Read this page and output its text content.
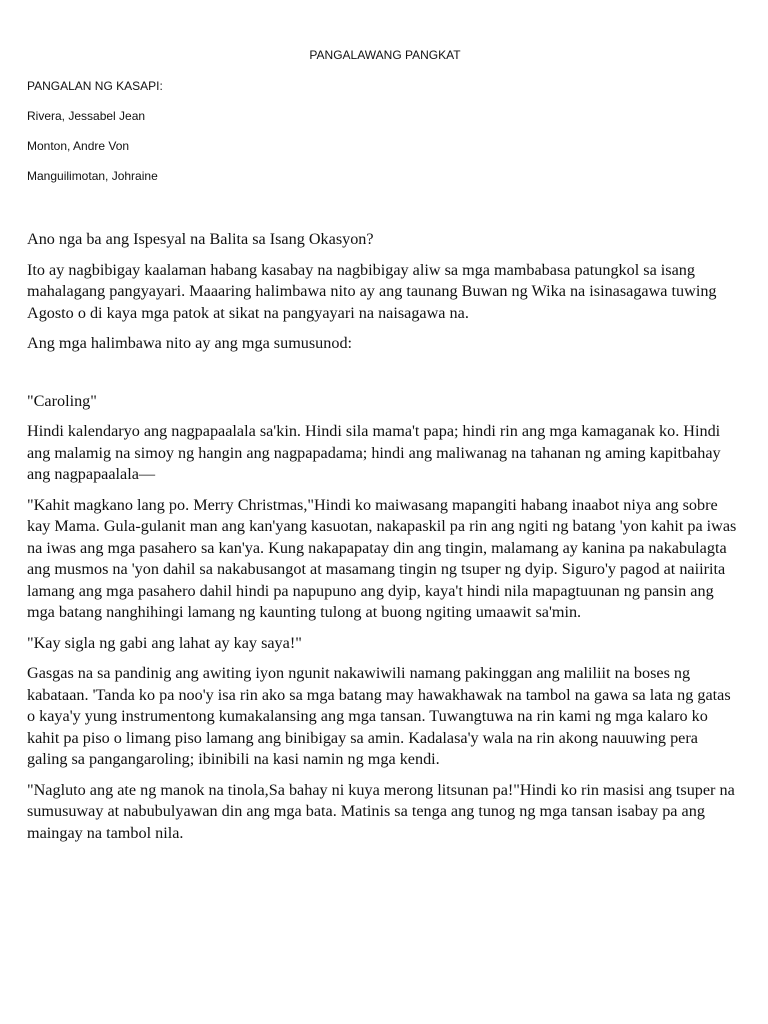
PANGALAWANG PANGKAT
PANGALAN NG KASAPI:
Rivera, Jessabel Jean
Monton, Andre Von
Manguilimotan, Johraine

Ano nga ba ang Ispesyal na Balita sa Isang Okasyon?

Ito ay nagbibigay kaalaman habang kasabay na nagbibigay aliw sa mga mambabasa patungkol sa isang mahalagang pangyayari. Maaaring halimbawa nito ay ang taunang Buwan ng Wika na isinasagawa tuwing Agosto o di kaya mga patok at sikat na pangyayari na naisagawa na.

Ang mga halimbawa nito ay ang mga sumusunod:

"Caroling"

Hindi kalendaryo ang nagpapaalala sa'kin. Hindi sila mama't papa; hindi rin ang mga kamaganak ko. Hindi ang malamig na simoy ng hangin ang nagpapadama; hindi ang maliwanag na tahanan ng aming kapitbahay ang nagpapaalala—

"Kahit magkano lang po. Merry Christmas,"Hindi ko maiwasang mapangiti habang inaabot niya ang sobre kay Mama. Gula-gulanit man ang kan'yang kasuotan, nakapaskil pa rin ang ngiti ng batang 'yon kahit pa iwas na iwas ang mga pasahero sa kan'ya. Kung nakapapatay din ang tingin, malamang ay kanina pa nakabulagta ang musmos na 'yon dahil sa nakabusangot at masamang tingin ng tsuper ng dyip. Siguro'y pagod at naiirita lamang ang mga pasahero dahil hindi pa napupuno ang dyip, kaya't hindi nila mapagtuunan ng pansin ang mga batang nanghihingi lamang ng kaunting tulong at buong ngiting umaawit sa'min.

"Kay sigla ng gabi ang lahat ay kay saya!"

Gasgas na sa pandinig ang awiting iyon ngunit nakawiwili namang pakinggan ang maliliit na boses ng kabataan. 'Tanda ko pa noo'y isa rin ako sa mga batang may hawakhawak na tambol na gawa sa lata ng gatas o kaya'y yung instrumentong kumakalansing ang mga tansan. Tuwangtuwa na rin kami ng mga kalaro ko kahit pa piso o limang piso lamang ang binibigay sa amin. Kadalasa'y wala na rin akong nauuwing pera galing sa pangangaroling; ibinibili na kasi namin ng mga kendi.

"Nagluto ang ate ng manok na tinola,Sa bahay ni kuya merong litsunan pa!"Hindi ko rin masisi ang tsuper na sumusuway at nabubulyawan din ang mga bata. Matinis sa tenga ang tunog ng mga tansan isabay pa ang maingay na tambol nila.
